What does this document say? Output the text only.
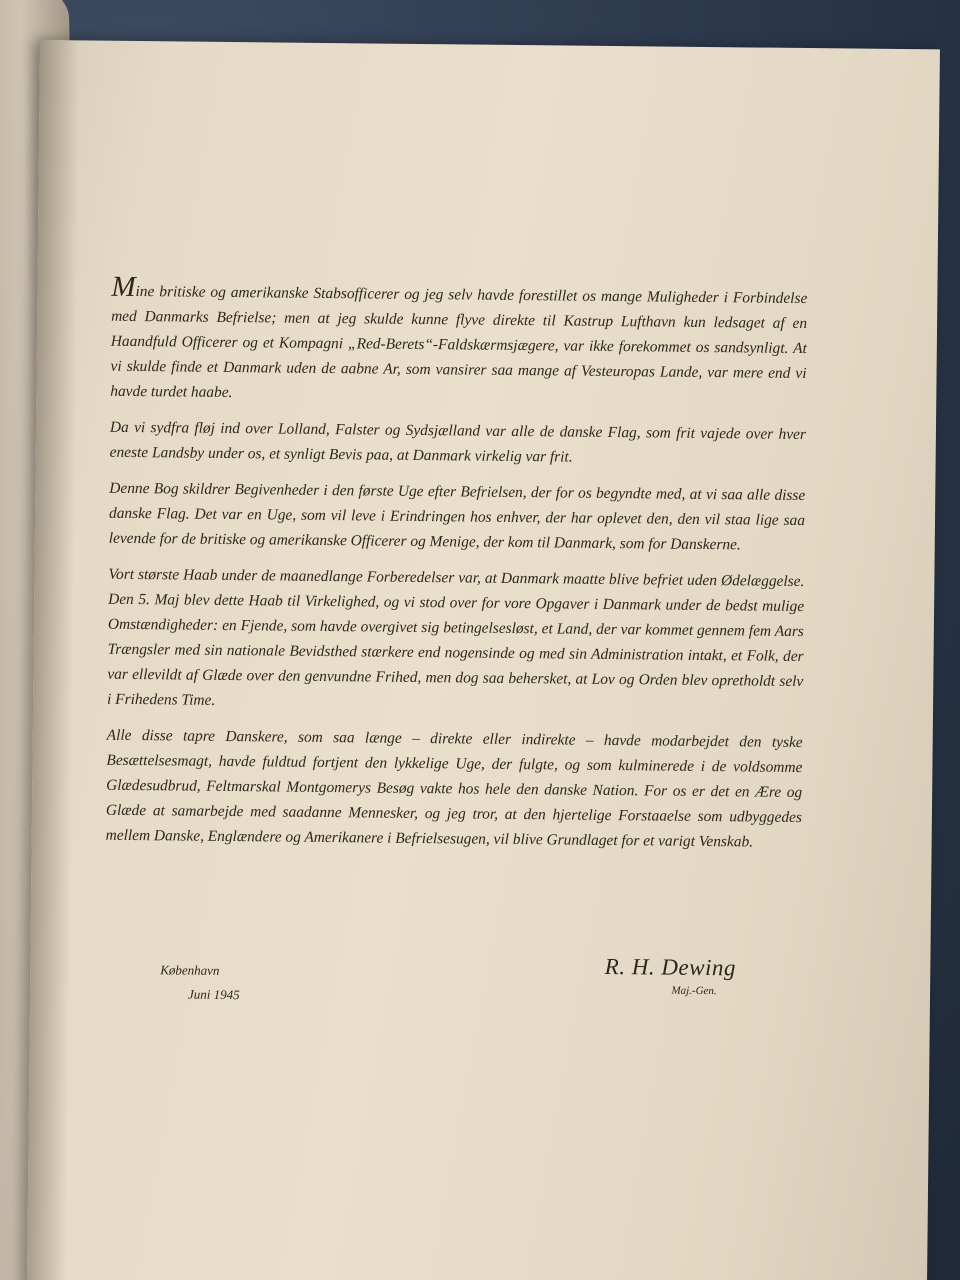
Mine britiske og amerikanske Stabsofficerer og jeg selv havde forestillet os mange Muligheder i Forbindelse med Danmarks Befrielse; men at jeg skulde kunne flyve direkte til Kastrup Lufthavn kun ledsaget af en Haandfuld Officerer og et Kompagni „Red-Berets“-Faldskærmsjægere, var ikke forekommet os sandsynligt. At vi skulde finde et Danmark uden de aabne Ar, som vansirer saa mange af Vesteuropas Lande, var mere end vi havde turdet haabe.

Da vi sydfra fløj ind over Lolland, Falster og Sydsjælland var alle de danske Flag, som frit vajede over hver eneste Landsby under os, et synligt Bevis paa, at Danmark virkelig var frit.

Denne Bog skildrer Begivenheder i den første Uge efter Befrielsen, der for os begyndte med, at vi saa alle disse danske Flag. Det var en Uge, som vil leve i Erindringen hos enhver, der har oplevet den, den vil staa lige saa levende for de britiske og amerikanske Officerer og Menige, der kom til Danmark, som for Danskerne.

Vort største Haab under de maanedlange Forberedelser var, at Danmark maatte blive befriet uden Ødelæggelse. Den 5. Maj blev dette Haab til Virkelighed, og vi stod over for vore Opgaver i Danmark under de bedst mulige Omstændigheder: en Fjende, som havde overgivet sig betingelsesløst, et Land, der var kommet gennem fem Aars Trængsler med sin nationale Bevidsthed stærkere end nogensinde og med sin Administration intakt, et Folk, der var ellevildt af Glæde over den genvundne Frihed, men dog saa behersket, at Lov og Orden blev opretholdt selv i Frihedens Time.

Alle disse tapre Danskere, som saa længe – direkte eller indirekte – havde modarbejdet den tyske Besættelsesmagt, havde fuldtud fortjent den lykkelige Uge, der fulgte, og som kulminerede i de voldsomme Glædesudbrud, Feltmarskal Montgomerys Besøg vakte hos hele den danske Nation. For os er det en Ære og Glæde at samarbejde med saadanne Mennesker, og jeg tror, at den hjertelige Forstaaelse som udbyggedes mellem Danske, Englændere og Amerikanere i Befrielsesugen, vil blive Grundlaget for et varigt Venskab.

København
Juni 1945
R. H. Dewing
Maj.-Gen.
